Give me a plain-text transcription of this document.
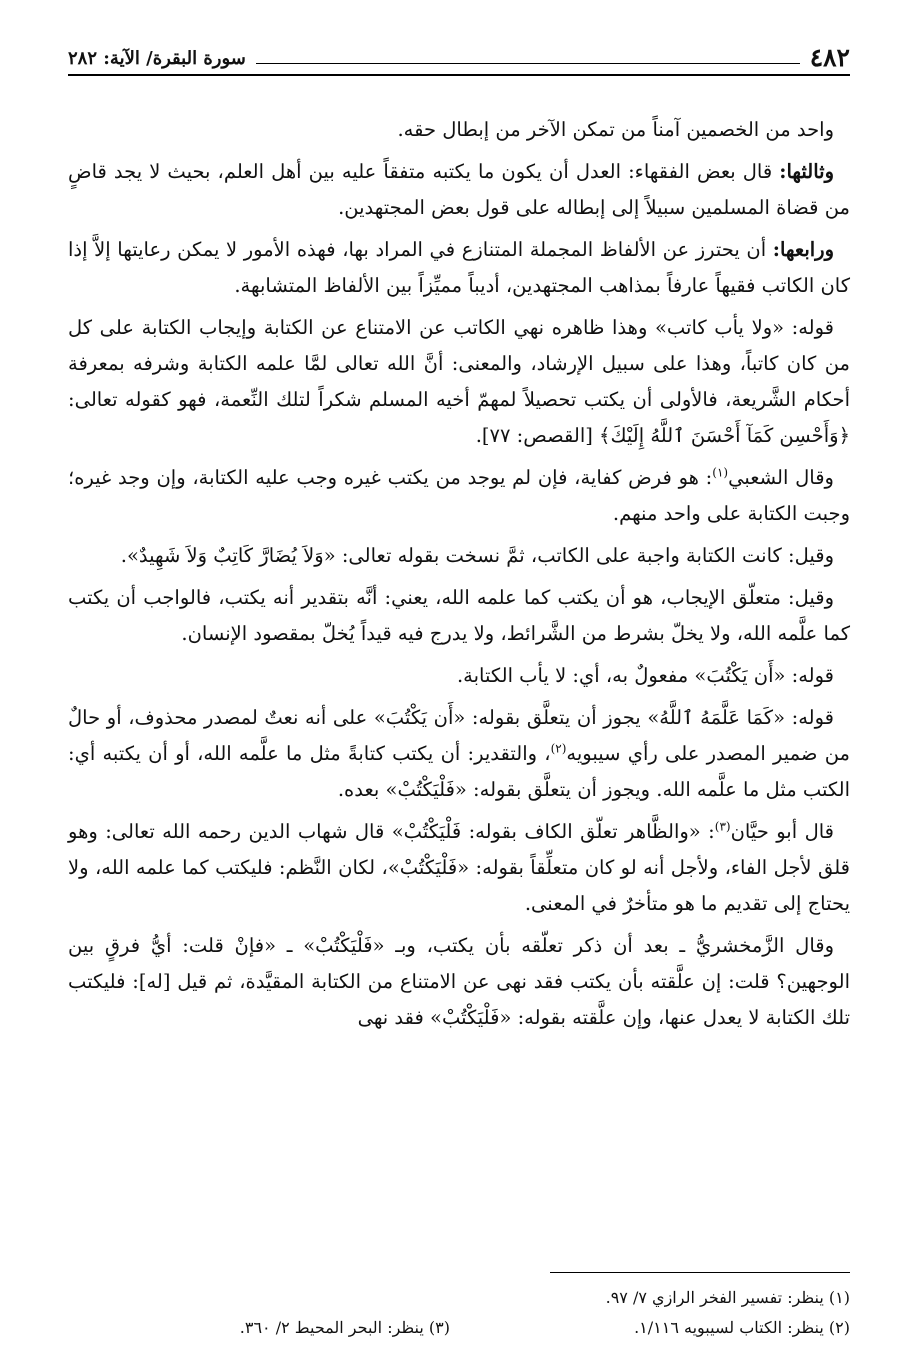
٤٨٢
سورة البقرة/ الآية: ٢٨٢

واحد من الخصمين آمناً من تمكن الآخر من إبطال حقه.

وثالثها: قال بعض الفقهاء: العدل أن يكون ما يكتبه متفقاً عليه بين أهل العلم، بحيث لا يجد قاضٍ من قضاة المسلمين سبيلاً إلى إبطاله على قول بعض المجتهدين.

ورابعها: أن يحترز عن الألفاظ المجملة المتنازع في المراد بها، فهذه الأمور لا يمكن رعايتها إلاَّ إذا كان الكاتب فقيهاً عارفاً بمذاهب المجتهدين، أديباً مميِّزاً بين الألفاظ المتشابهة.

قوله: «ولا يأب كاتب» وهذا ظاهره نهي الكاتب عن الامتناع عن الكتابة وإيجاب الكتابة على كل من كان كاتباً، وهذا على سبيل الإرشاد، والمعنى: أنَّ الله تعالى لمَّا علمه الكتابة وشرفه بمعرفة أحكام الشَّريعة، فالأولى أن يكتب تحصيلاً لمهمّ أخيه المسلم شكراً لتلك النِّعمة، فهو كقوله تعالى: ﴿وَأَحْسِن كَمَآ أَحْسَنَ ٱللَّهُ إِلَيْكَ﴾ [القصص: ٧٧].

وقال الشعبي$^{(١)}$: هو فرض كفاية، فإن لم يوجد من يكتب غيره وجب عليه الكتابة، وإن وجد غيره؛ وجبت الكتابة على واحد منهم.

وقيل: كانت الكتابة واجبة على الكاتب، ثمَّ نسخت بقوله تعالى: «وَلاَ يُضَارَّ كَاتِبٌ وَلاَ شَهِيدٌ».

وقيل: متعلّق الإيجاب، هو أن يكتب كما علمه الله، يعني: أنَّه بتقدير أنه يكتب، فالواجب أن يكتب كما علَّمه الله، ولا يخلّ بشرط من الشَّرائط، ولا يدرج فيه قيداً يُخلّ بمقصود الإنسان.

قوله: «أَن يَكْتُبَ» مفعولٌ به، أي: لا يأب الكتابة.

قوله: «كَمَا عَلَّمَهُ ٱللَّهُ» يجوز أن يتعلَّق بقوله: «أَن يَكْتُبَ» على أنه نعتٌ لمصدر محذوف، أو حالٌ من ضمير المصدر على رأي سيبويه$^{(٢)}$، والتقدير: أن يكتب كتابةً مثل ما علَّمه الله، أو أن يكتبه أي: الكتب مثل ما علَّمه الله. ويجوز أن يتعلَّق بقوله: «فَلْيَكْتُبْ» بعده.

قال أبو حيَّان$^{(٣)}$: «والظَّاهر تعلّق الكاف بقوله: فَلْيَكْتُبْ» قال شهاب الدين رحمه الله تعالى: وهو قلق لأجل الفاء، ولأجل أنه لو كان متعلِّقاً بقوله: «فَلْيَكْتُبْ»، لكان النَّظم: فليكتب كما علمه الله، ولا يحتاج إلى تقديم ما هو متأخرٌ في المعنى.

وقال الزَّمخشريُّ ـ بعد أن ذكر تعلّقه بأن يكتب، وبـ «فَلْيَكْتُبْ» ـ «فإنْ قلت: أيُّ فرقٍ بين الوجهين؟ قلت: إن علَّقته بأن يكتب فقد نهى عن الامتناع من الكتابة المقيَّدة، ثم قيل [له]: فليكتب تلك الكتابة لا يعدل عنها، وإن علَّقته بقوله: «فَلْيَكْتُبْ» فقد نهى

(١) ينظر: تفسير الفخر الرازي ٧/ ٩٧.
(٢) ينظر: الكتاب لسيبويه ١/١١٦.
(٣) ينظر: البحر المحيط ٢/ ٣٦٠.
